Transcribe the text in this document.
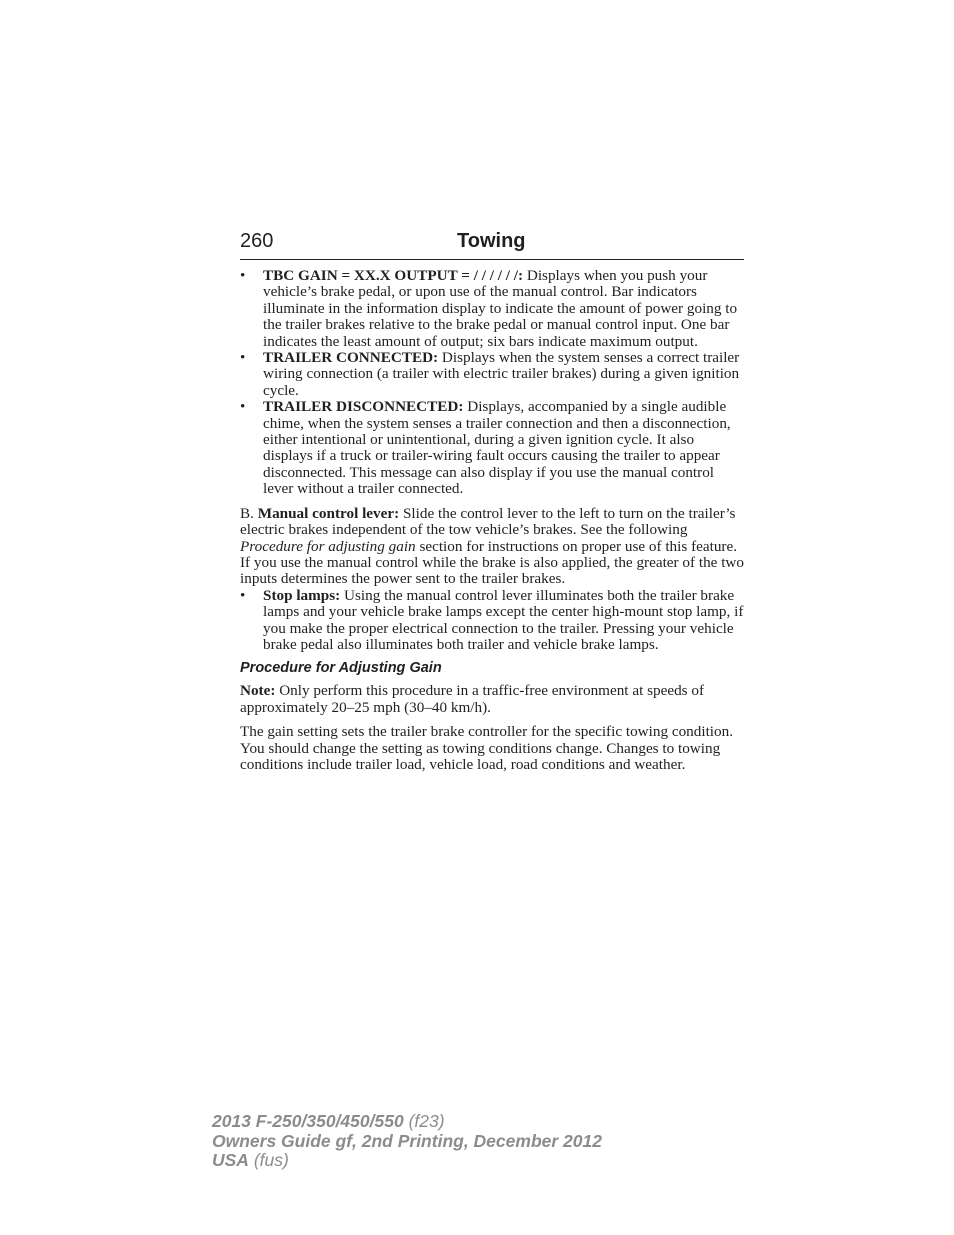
260	Towing
•	TBC GAIN = XX.X OUTPUT = / / / / / /: Displays when you push your vehicle’s brake pedal, or upon use of the manual control. Bar indicators illuminate in the information display to indicate the amount of power going to the trailer brakes relative to the brake pedal or manual control input. One bar indicates the least amount of output; six bars indicate maximum output.
•	TRAILER CONNECTED: Displays when the system senses a correct trailer wiring connection (a trailer with electric trailer brakes) during a given ignition cycle.
•	TRAILER DISCONNECTED: Displays, accompanied by a single audible chime, when the system senses a trailer connection and then a disconnection, either intentional or unintentional, during a given ignition cycle. It also displays if a truck or trailer-wiring fault occurs causing the trailer to appear disconnected. This message can also display if you use the manual control lever without a trailer connected.

B. Manual control lever: Slide the control lever to the left to turn on the trailer’s electric brakes independent of the tow vehicle’s brakes. See the following Procedure for adjusting gain section for instructions on proper use of this feature. If you use the manual control while the brake is also applied, the greater of the two inputs determines the power sent to the trailer brakes.

•	Stop lamps: Using the manual control lever illuminates both the trailer brake lamps and your vehicle brake lamps except the center high-mount stop lamp, if you make the proper electrical connection to the trailer. Pressing your vehicle brake pedal also illuminates both trailer and vehicle brake lamps.
Procedure for Adjusting Gain

Note: Only perform this procedure in a traffic-free environment at speeds of approximately 20–25 mph (30–40 km/h).

The gain setting sets the trailer brake controller for the specific towing condition. You should change the setting as towing conditions change. Changes to towing conditions include trailer load, vehicle load, road conditions and weather.

2013 F-250/350/450/550 (f23)
Owners Guide gf, 2nd Printing, December 2012
USA (fus)
